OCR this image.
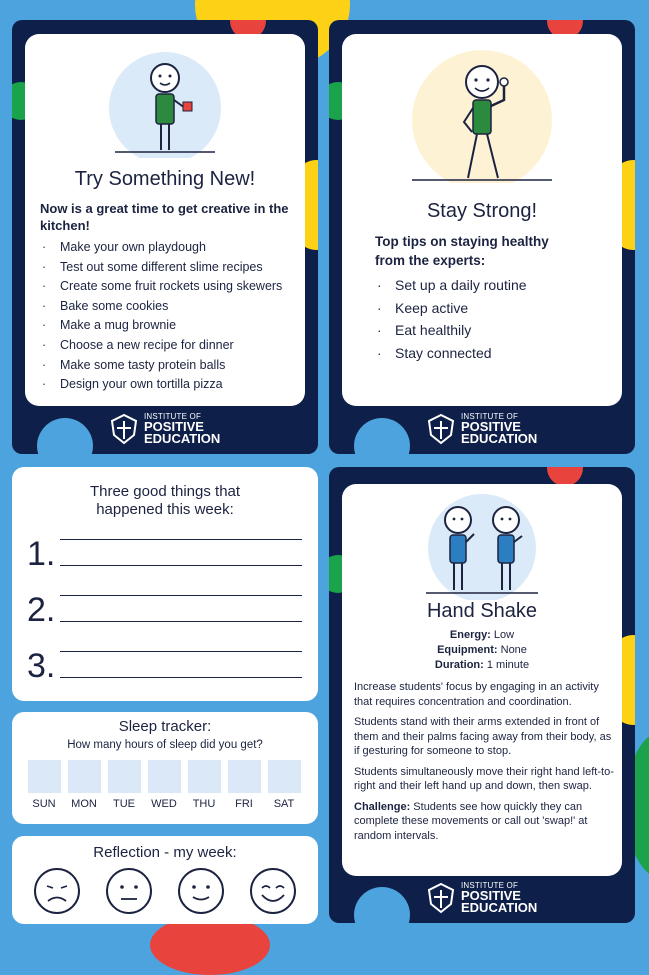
Try Something New!
Now is a great time to get creative in the kitchen!
· Make your own playdough
· Test out some different slime recipes
· Create some fruit rockets using skewers
· Bake some cookies
· Make a mug brownie
· Choose a new recipe for dinner
· Make some tasty protein balls
· Design your own tortilla pizza
INSTITUTE OF
POSITIVE
EDUCATION
Stay Strong!
Top tips on staying healthy from the experts:
· Set up a daily routine
· Keep active
· Eat healthily
· Stay connected
INSTITUTE OF
POSITIVE
EDUCATION
Three good things that happened this week:
1.
2.
3.
Sleep tracker:
How many hours of sleep did you get?
SUN	MON	TUE	WED	THU	FRI	SAT
Reflection - my week:
Hand Shake
Energy: Low
Equipment: None
Duration: 1 minute

Increase students' focus by engaging in an activity that requires concentration and coordination.

Students stand with their arms extended in front of them and their palms facing away from their body, as if gesturing for someone to stop.

Students simultaneously move their right hand left-to-right and their left hand up and down, then swap.

Challenge: Students see how quickly they can complete these movements or call out 'swap!' at random intervals.

INSTITUTE OF
POSITIVE
EDUCATION
